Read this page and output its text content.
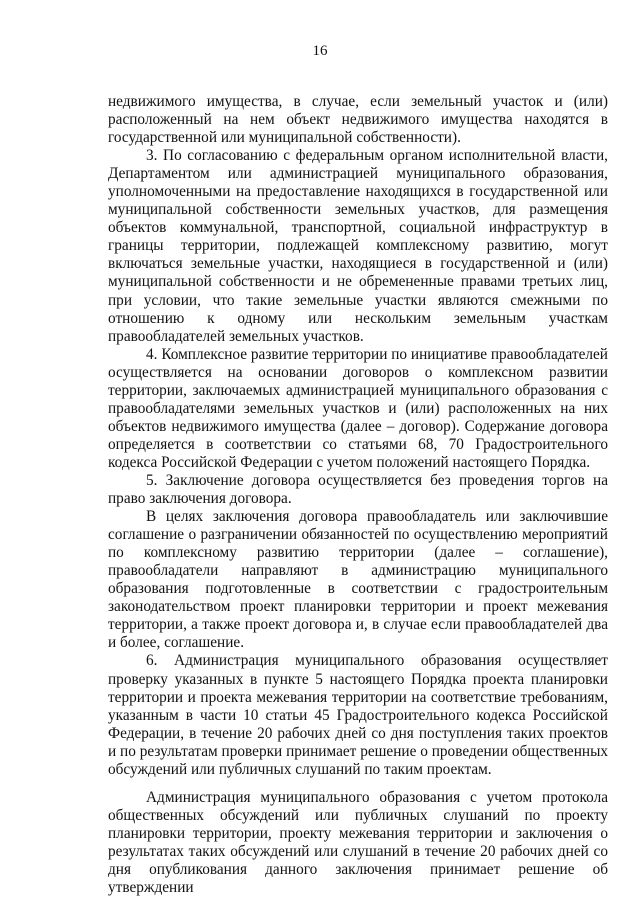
16

недвижимого имущества, в случае, если земельный участок и (или) расположенный на нем объект недвижимого имущества находятся в государственной или муниципальной собственности).

3. По согласованию с федеральным органом исполнительной власти, Департаментом или администрацией муниципального образования, уполномоченными на предоставление находящихся в государственной или муниципальной собственности земельных участков, для размещения объектов коммунальной, транспортной, социальной инфраструктур в границы территории, подлежащей комплексному развитию, могут включаться земельные участки, находящиеся в государственной и (или) муниципальной собственности и не обремененные правами третьих лиц, при условии, что такие земельные участки являются смежными по отношению к одному или нескольким земельным участкам правообладателей земельных участков.

4. Комплексное развитие территории по инициативе правообладателей осуществляется на основании договоров о комплексном развитии территории, заключаемых администрацией муниципального образования с правообладателями земельных участков и (или) расположенных на них объектов недвижимого имущества (далее – договор). Содержание договора определяется в соответствии со статьями 68, 70 Градостроительного кодекса Российской Федерации с учетом положений настоящего Порядка.

5. Заключение договора осуществляется без проведения торгов на право заключения договора.

В целях заключения договора правообладатель или заключившие соглашение о разграничении обязанностей по осуществлению мероприятий по комплексному развитию территории (далее – соглашение), правообладатели направляют в администрацию муниципального образования подготовленные в соответствии с градостроительным законодательством проект планировки территории и проект межевания территории, а также проект договора и, в случае если правообладателей два и более, соглашение.

6. Администрация муниципального образования осуществляет проверку указанных в пункте 5 настоящего Порядка проекта планировки территории и проекта межевания территории на соответствие требованиям, указанным в части 10 статьи 45 Градостроительного кодекса Российской Федерации, в течение 20 рабочих дней со дня поступления таких проектов и по результатам проверки принимает решение о проведении общественных обсуждений или публичных слушаний по таким проектам.

Администрация муниципального образования с учетом протокола общественных обсуждений или публичных слушаний по проекту планировки территории, проекту межевания территории и заключения о результатах таких обсуждений или слушаний в течение 20 рабочих дней со дня опубликования данного заключения принимает решение об утверждении
